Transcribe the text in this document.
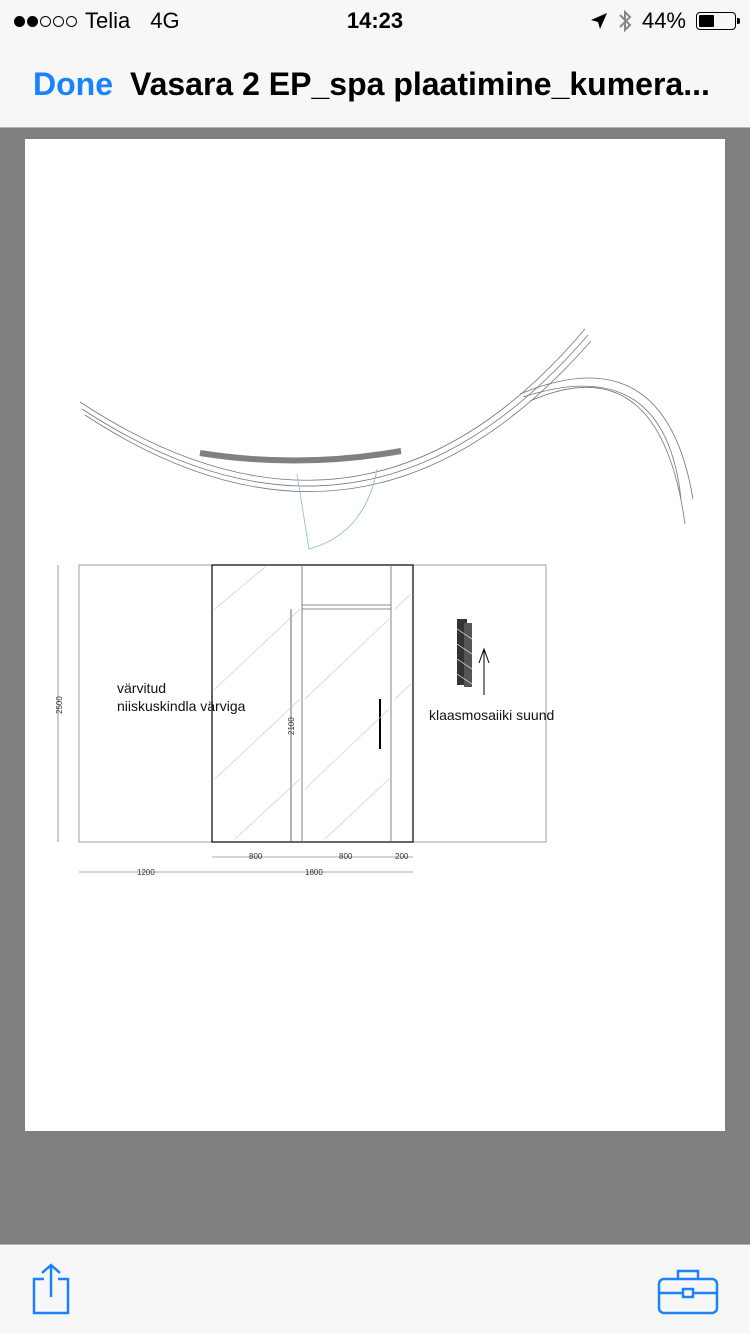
Telia 4G	14:23	44%
Done Vasara 2 EP_spa plaatimine_kumera...
värvitud
niiskuskindla värviga
klaasmosaiiki suund
2500
2100
800	800	200
1200	1800
